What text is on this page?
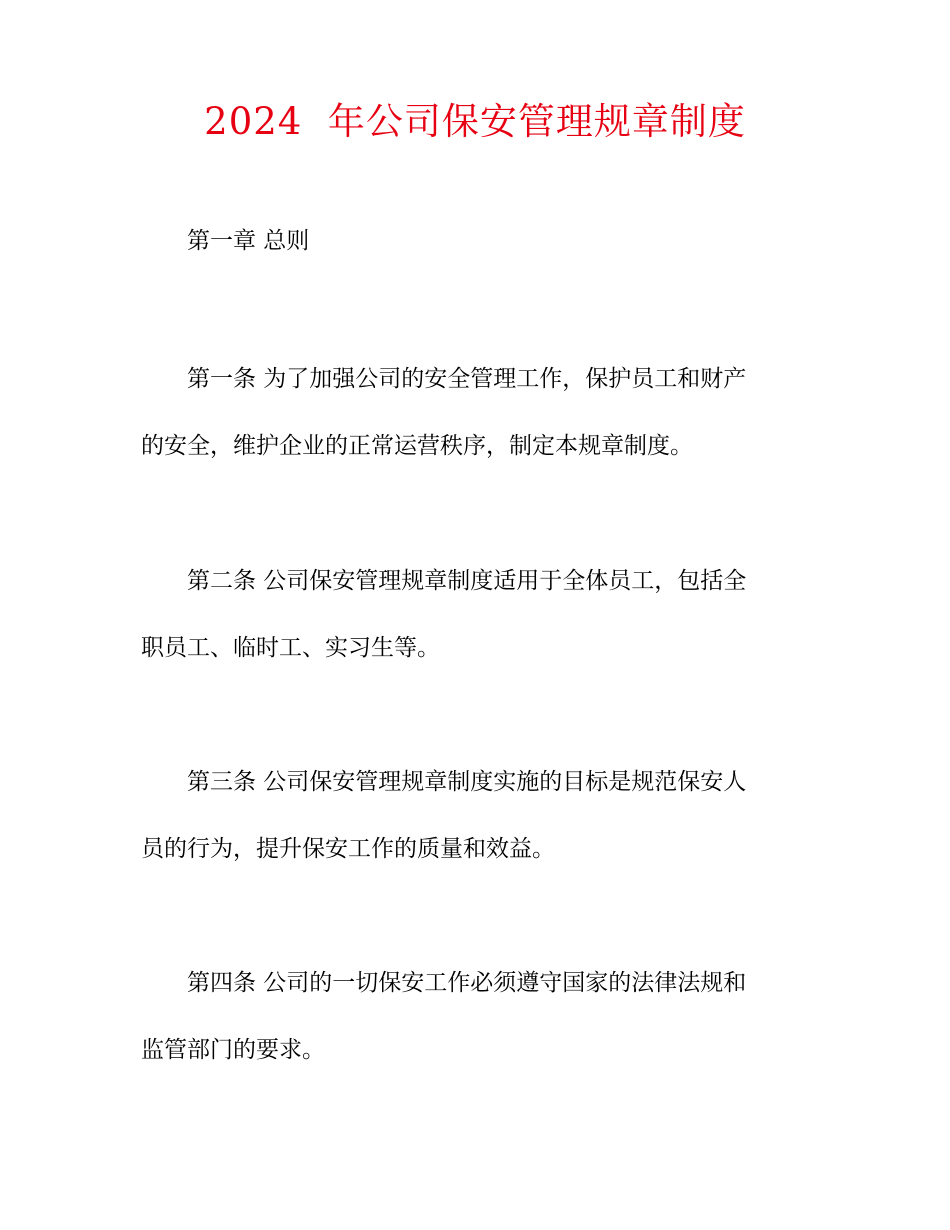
2024  年公司保安管理规章制度
第一章 总则

第一条 为了加强公司的安全管理工作，保护员工和财产
的安全，维护企业的正常运营秩序，制定本规章制度。

第二条 公司保安管理规章制度适用于全体员工，包括全
职员工、临时工、实习生等。

第三条 公司保安管理规章制度实施的目标是规范保安人
员的行为，提升保安工作的质量和效益。

第四条 公司的一切保安工作必须遵守国家的法律法规和
监管部门的要求。
